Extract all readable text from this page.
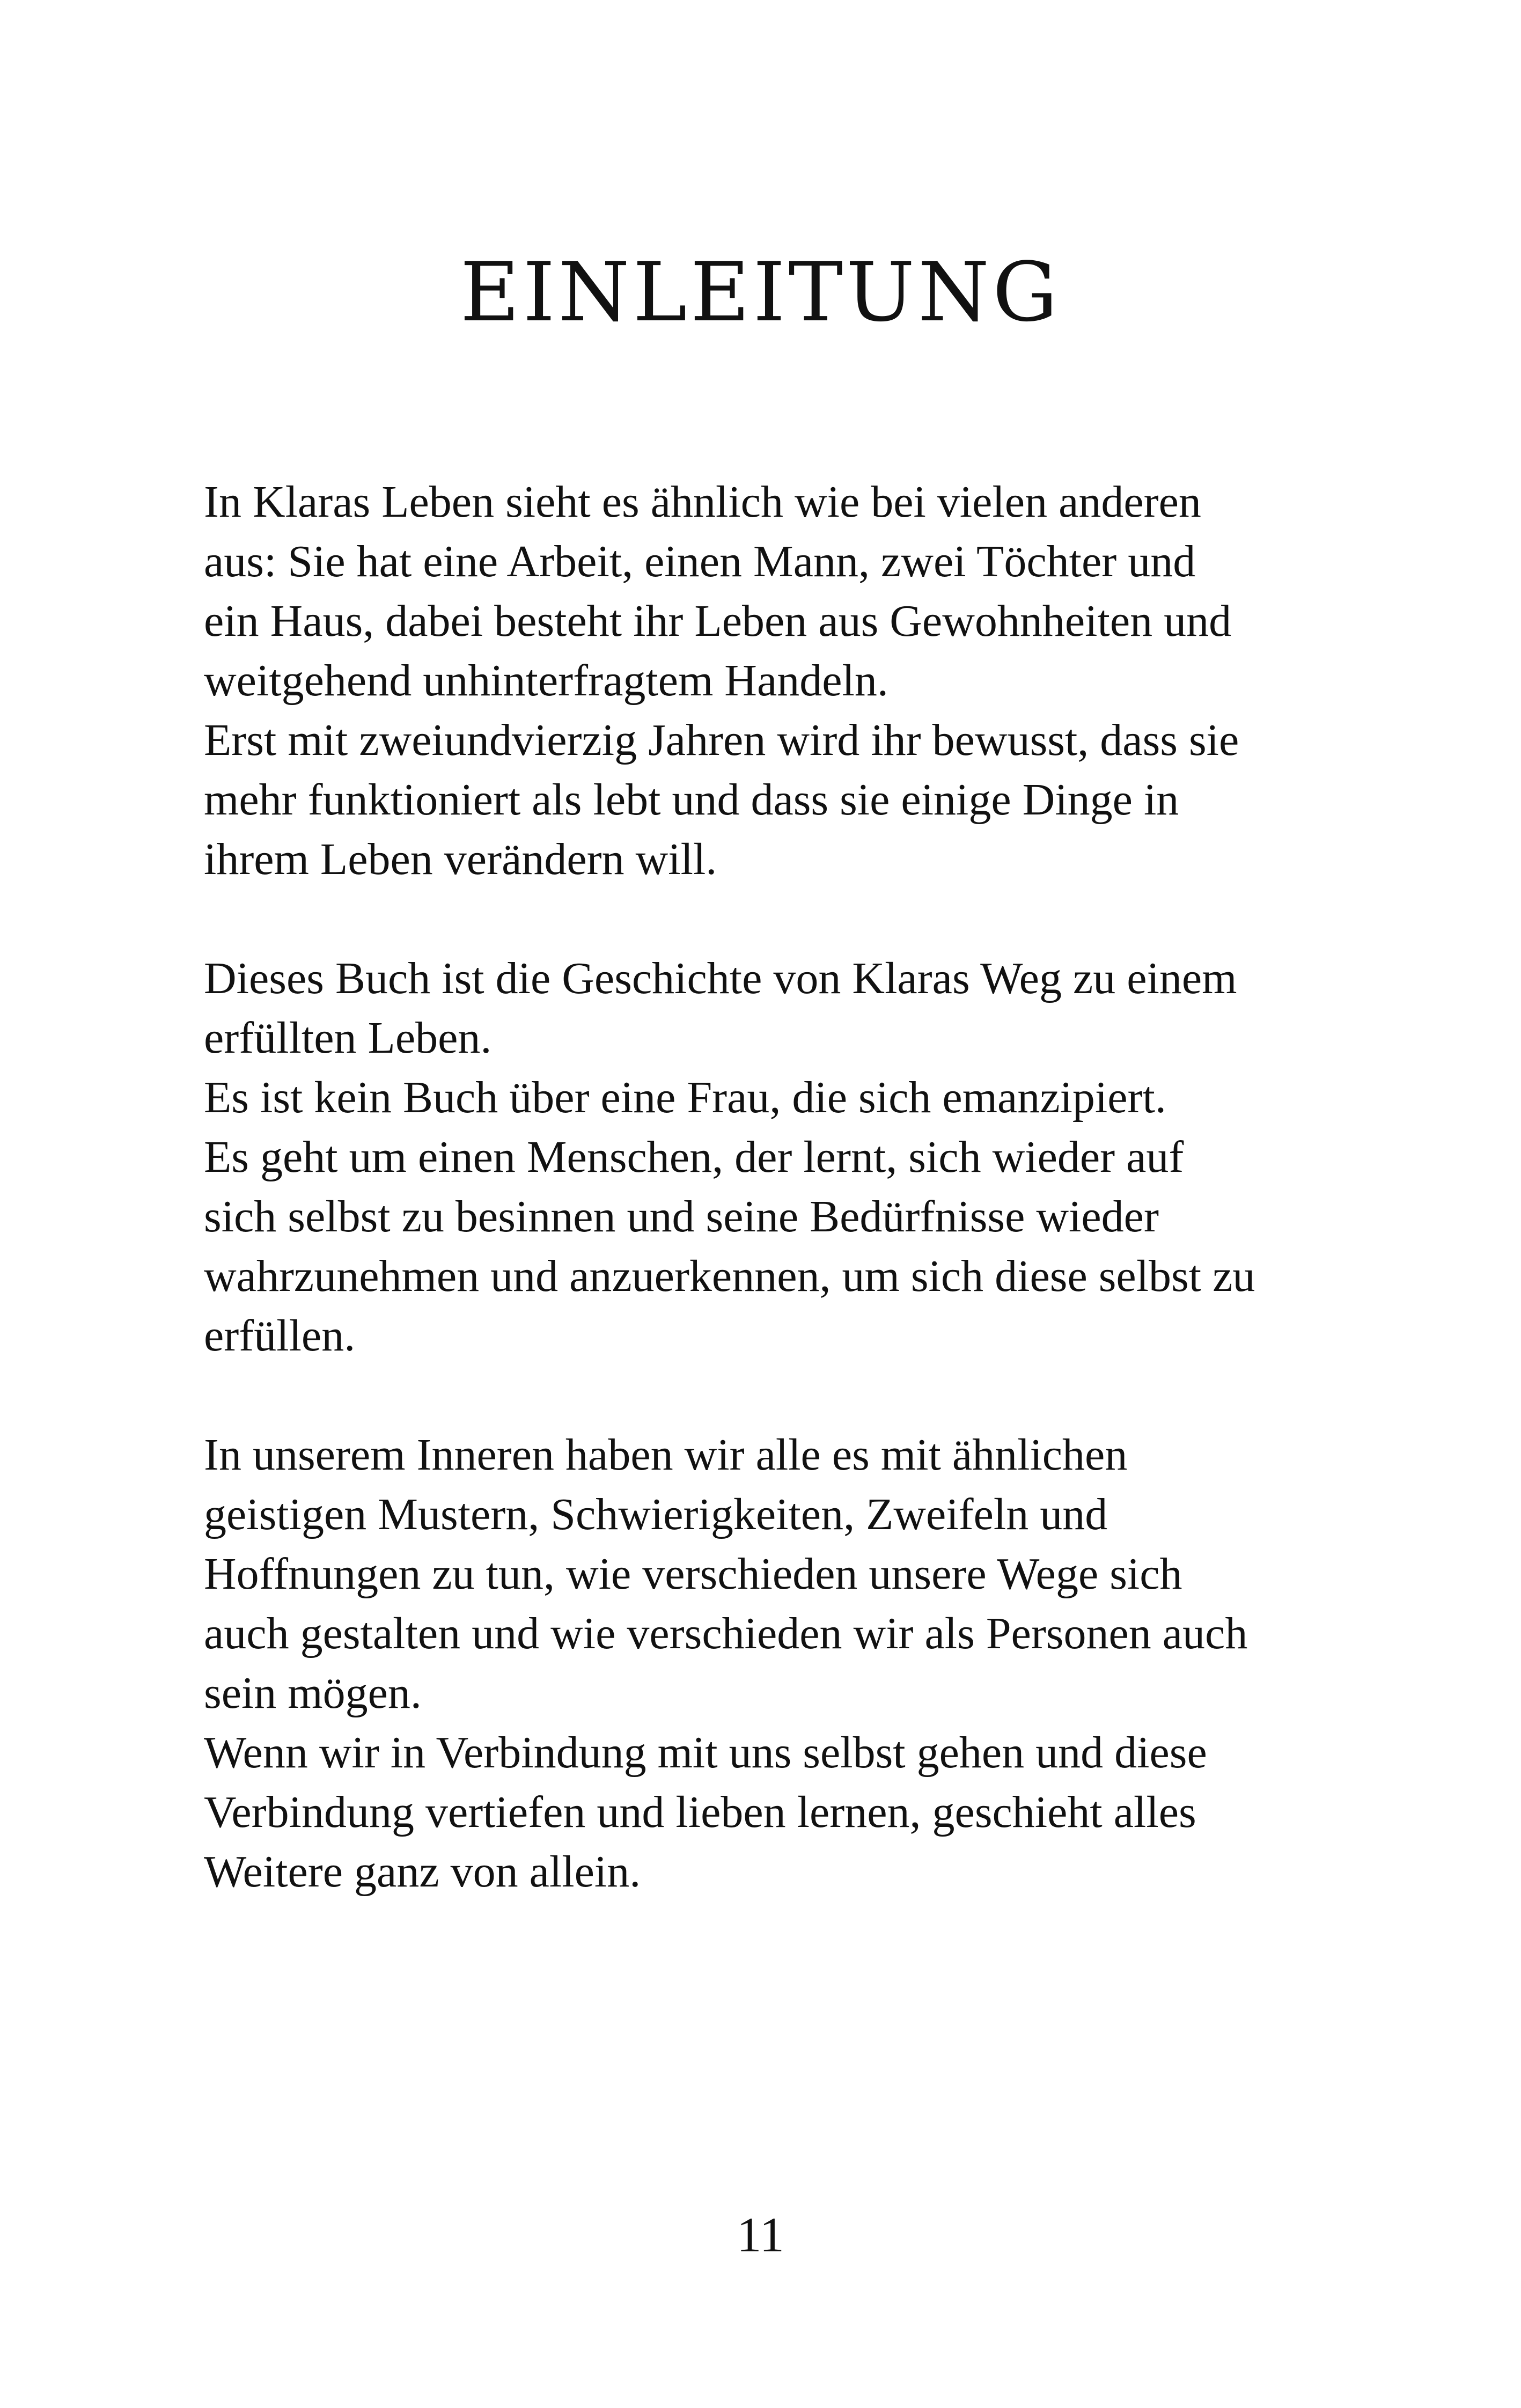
EINLEITUNG
In Klaras Leben sieht es ähnlich wie bei vielen anderen
aus: Sie hat eine Arbeit, einen Mann, zwei Töchter und
ein Haus, dabei besteht ihr Leben aus Gewohnheiten und
weitgehend unhinterfragtem Handeln.
Erst mit zweiundvierzig Jahren wird ihr bewusst, dass sie
mehr funktioniert als lebt und dass sie einige Dinge in
ihrem Leben verändern will.
Dieses Buch ist die Geschichte von Klaras Weg zu einem
erfüllten Leben.
Es ist kein Buch über eine Frau, die sich emanzipiert.
Es geht um einen Menschen, der lernt, sich wieder auf
sich selbst zu besinnen und seine Bedürfnisse wieder
wahrzunehmen und anzuerkennen, um sich diese selbst zu
erfüllen.
In unserem Inneren haben wir alle es mit ähnlichen
geistigen Mustern, Schwierigkeiten, Zweifeln und
Hoffnungen zu tun, wie verschieden unsere Wege sich
auch gestalten und wie verschieden wir als Personen auch
sein mögen.
Wenn wir in Verbindung mit uns selbst gehen und diese
Verbindung vertiefen und lieben lernen, geschieht alles
Weitere ganz von allein.
11
